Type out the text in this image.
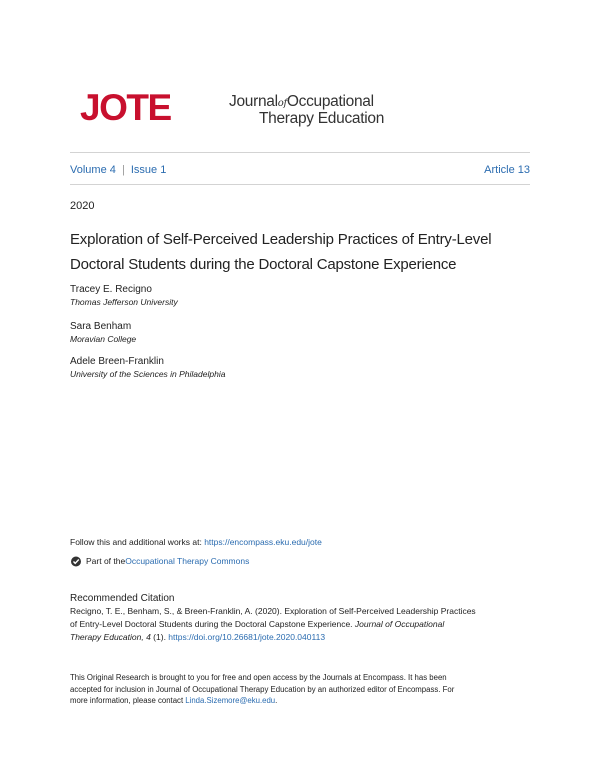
JOTE	JournalofOccupational
Therapy Education
Volume 4 | Issue 1	Article 13
2020
Exploration of Self-Perceived Leadership Practices of Entry-Level
Doctoral Students during the Doctoral Capstone Experience
Tracey E. Recigno
Thomas Jefferson University
Sara Benham
Moravian College
Adele Breen-Franklin
University of the Sciences in Philadelphia
Follow this and additional works at: https://encompass.eku.edu/jote
Part of the Occupational Therapy Commons
Recommended Citation
Recigno, T. E., Benham, S., & Breen-Franklin, A. (2020). Exploration of Self-Perceived Leadership Practices
of Entry-Level Doctoral Students during the Doctoral Capstone Experience. Journal of Occupational
Therapy Education, 4 (1). https://doi.org/10.26681/jote.2020.040113
This Original Research is brought to you for free and open access by the Journals at Encompass. It has been
accepted for inclusion in Journal of Occupational Therapy Education by an authorized editor of Encompass. For
more information, please contact Linda.Sizemore@eku.edu.
